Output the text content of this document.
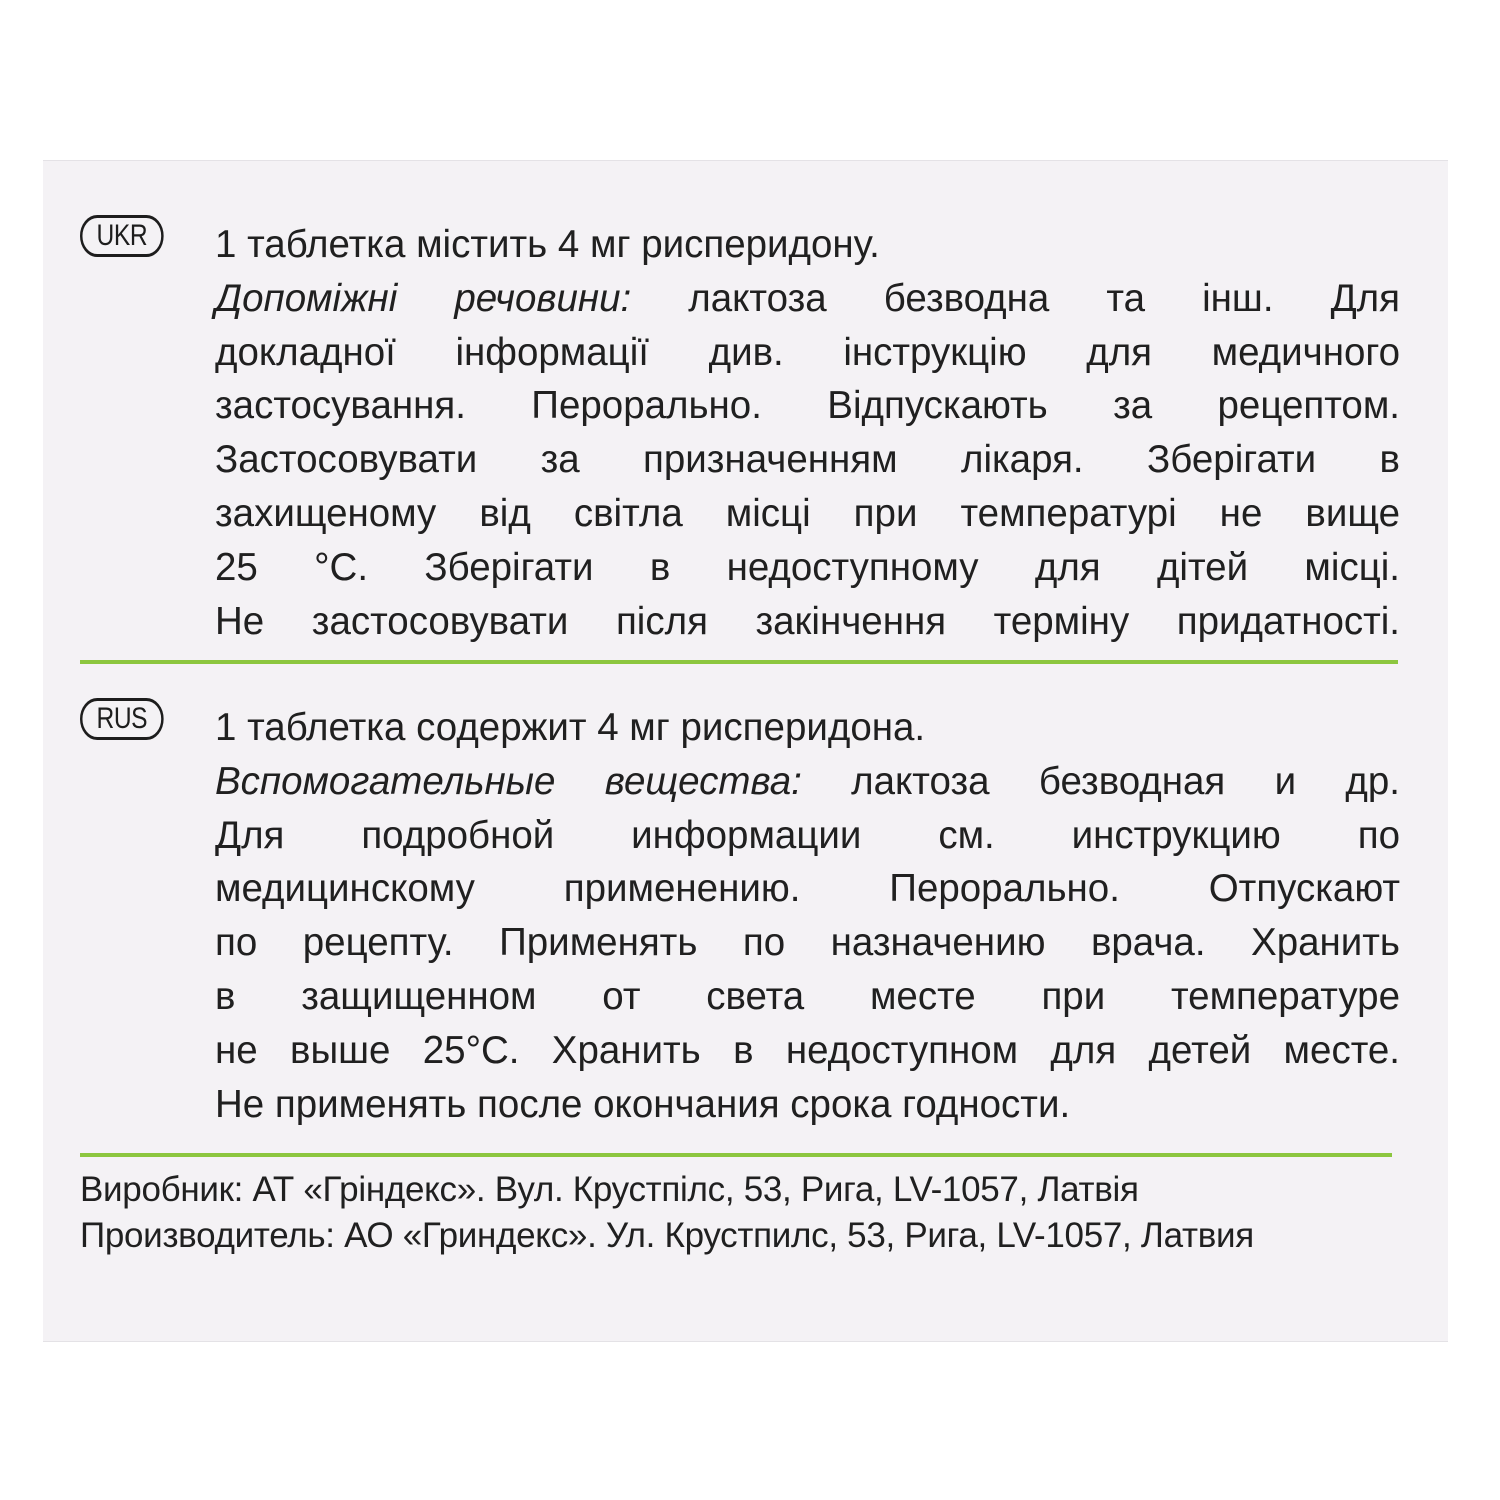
UKR	1 таблетка містить 4 мг рисперидону.
Допоміжні речовини: лактоза безводна та інш. Для
докладної інформації див. інструкцію для медичного
застосування. Перорально. Відпускають за рецептом.
Застосовувати за призначенням лікаря. Зберігати в
захищеному від світла місці при температурі не вище
25 °С. Зберігати в недоступному для дітей місці.
Не застосовувати після закінчення терміну придатності.
RUS	1 таблетка содержит 4 мг рисперидона.
Вспомогательные вещества: лактоза безводная и др.
Для подробной информации см. инструкцию по
медицинскому применению. Перорально. Отпускают
по рецепту. Применять по назначению врача. Хранить
в защищенном от света месте при температуре
не выше 25°С. Хранить в недоступном для детей месте.
Не применять после окончания срока годности.
Виробник: АТ «Гріндекс». Вул. Крустпілс, 53, Рига, LV-1057, Латвія
Производитель: АО «Гриндекс». Ул. Крустпилс, 53, Рига, LV-1057, Латвия
